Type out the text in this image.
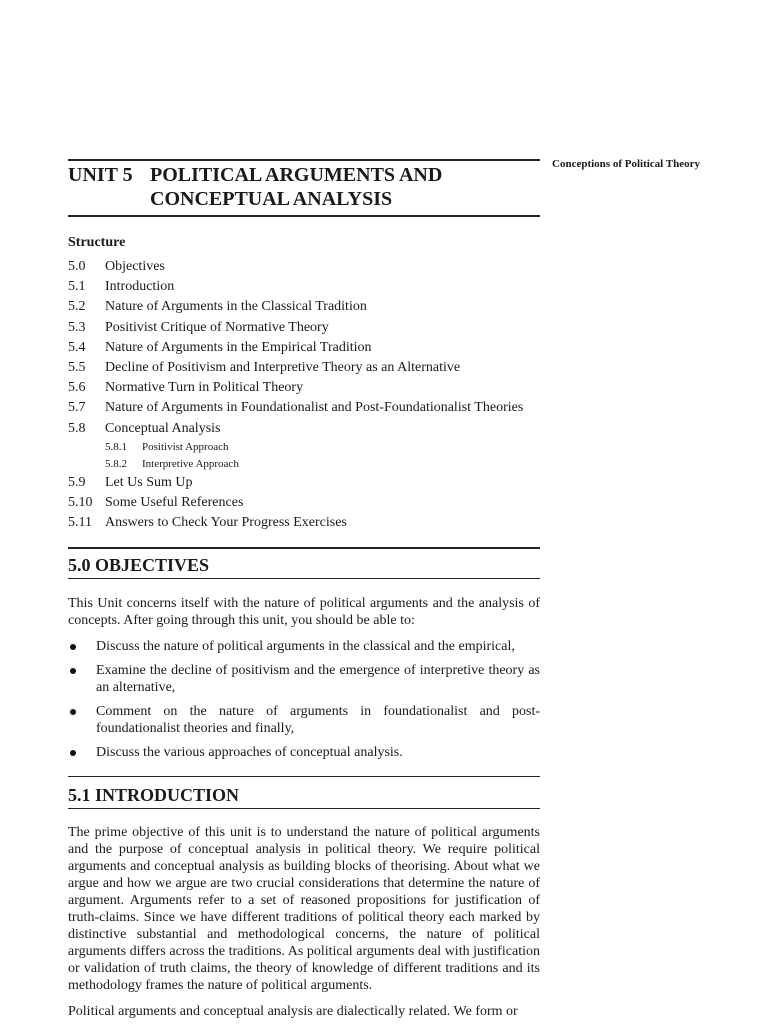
Conceptions of Political Theory
UNIT 5 POLITICAL ARGUMENTS AND
CONCEPTUAL ANALYSIS
Structure
5.0 Objectives
5.1 Introduction
5.2 Nature of Arguments in the Classical Tradition
5.3 Positivist Critique of Normative Theory
5.4 Nature of Arguments in the Empirical Tradition
5.5 Decline of Positivism and Interpretive Theory as an Alternative
5.6 Normative Turn in Political Theory
5.7 Nature of Arguments in Foundationalist and Post-Foundationalist Theories
5.8 Conceptual Analysis
5.8.1 Positivist Approach
5.8.2 Interpretive Approach
5.9 Let Us Sum Up
5.10 Some Useful References
5.11 Answers to Check Your Progress Exercises
5.0 OBJECTIVES

This Unit concerns itself with the nature of political arguments and the analysis of concepts. After going through this unit, you should be able to:

Discuss the nature of political arguments in the classical and the empirical,
Examine the decline of positivism and the emergence of interpretive theory as an alternative,
Comment on the nature of arguments in foundationalist and post-foundationalist theories and finally,
Discuss the various approaches of conceptual analysis.
5.1 INTRODUCTION

The prime objective of this unit is to understand the nature of political arguments and the purpose of conceptual analysis in political theory. We require political arguments and conceptual analysis as building blocks of theorising. About what we argue and how we argue are two crucial considerations that determine the nature of argument. Arguments refer to a set of reasoned propositions for justification of truth-claims. Since we have different traditions of political theory each marked by distinctive substantial and methodological concerns, the nature of political arguments differs across the traditions. As political arguments deal with justification or validation of truth claims, the theory of knowledge of different traditions and its methodology frames the nature of political arguments.

Political arguments and conceptual analysis are dialectically related. We form or
